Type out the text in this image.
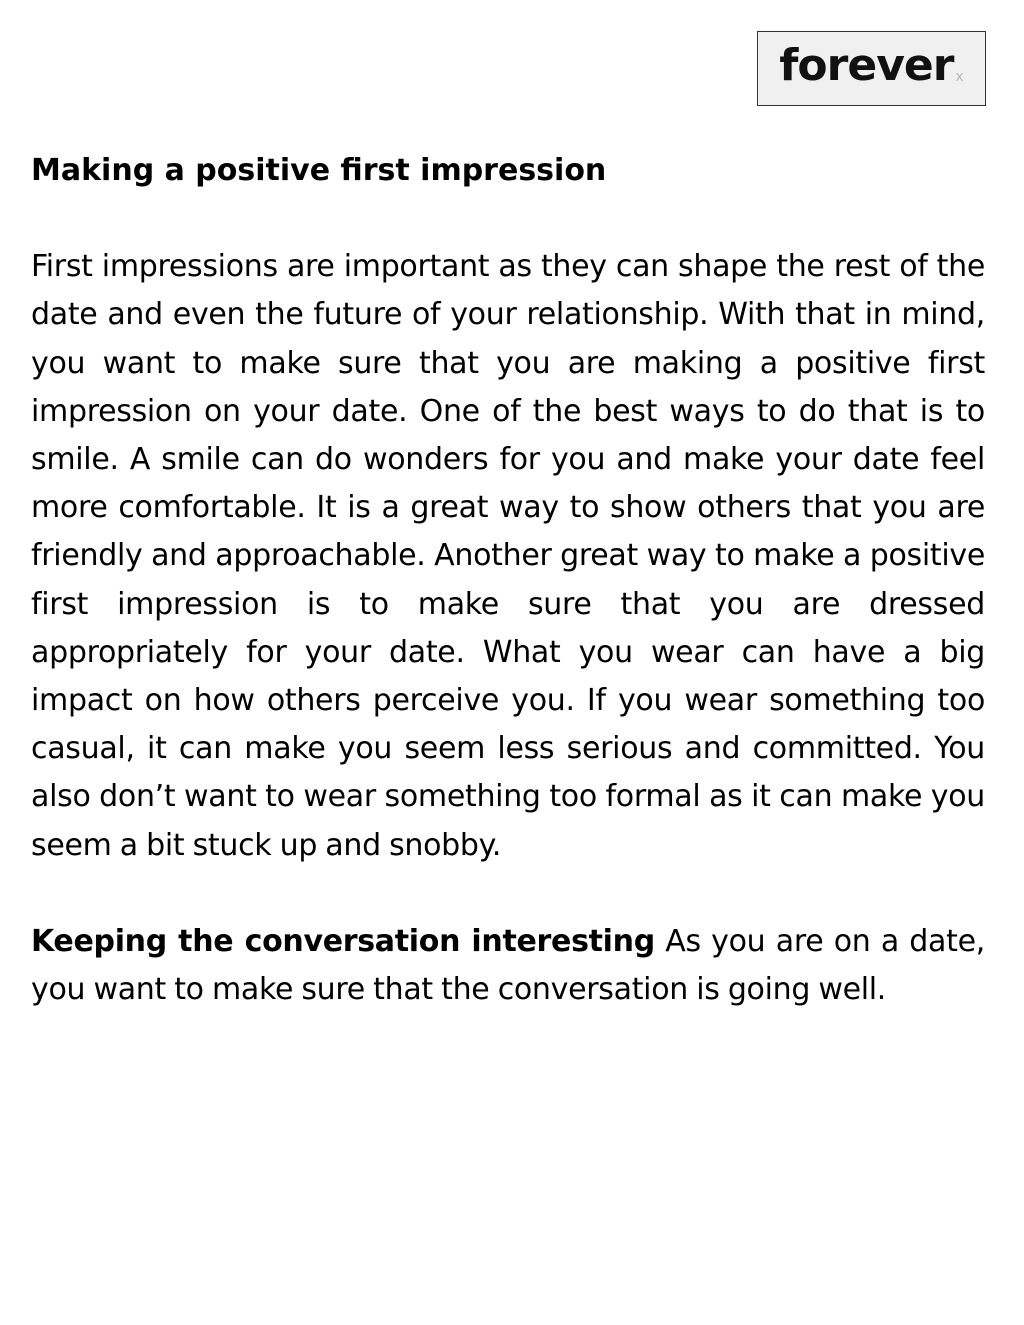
forever x

Making a positive first impression

First impressions are important as they can shape the rest of the date and even the future of your relationship. With that in mind, you want to make sure that you are making a positive first impression on your date. One of the best ways to do that is to smile. A smile can do wonders for you and make your date feel more comfortable. It is a great way to show others that you are friendly and approachable. Another great way to make a positive first impression is to make sure that you are dressed appropriately for your date. What you wear can have a big impact on how others perceive you. If you wear something too casual, it can make you seem less serious and committed. You also don’t want to wear something too formal as it can make you seem a bit stuck up and snobby.

Keeping the conversation interesting As you are on a date, you want to make sure that the conversation is going well.
